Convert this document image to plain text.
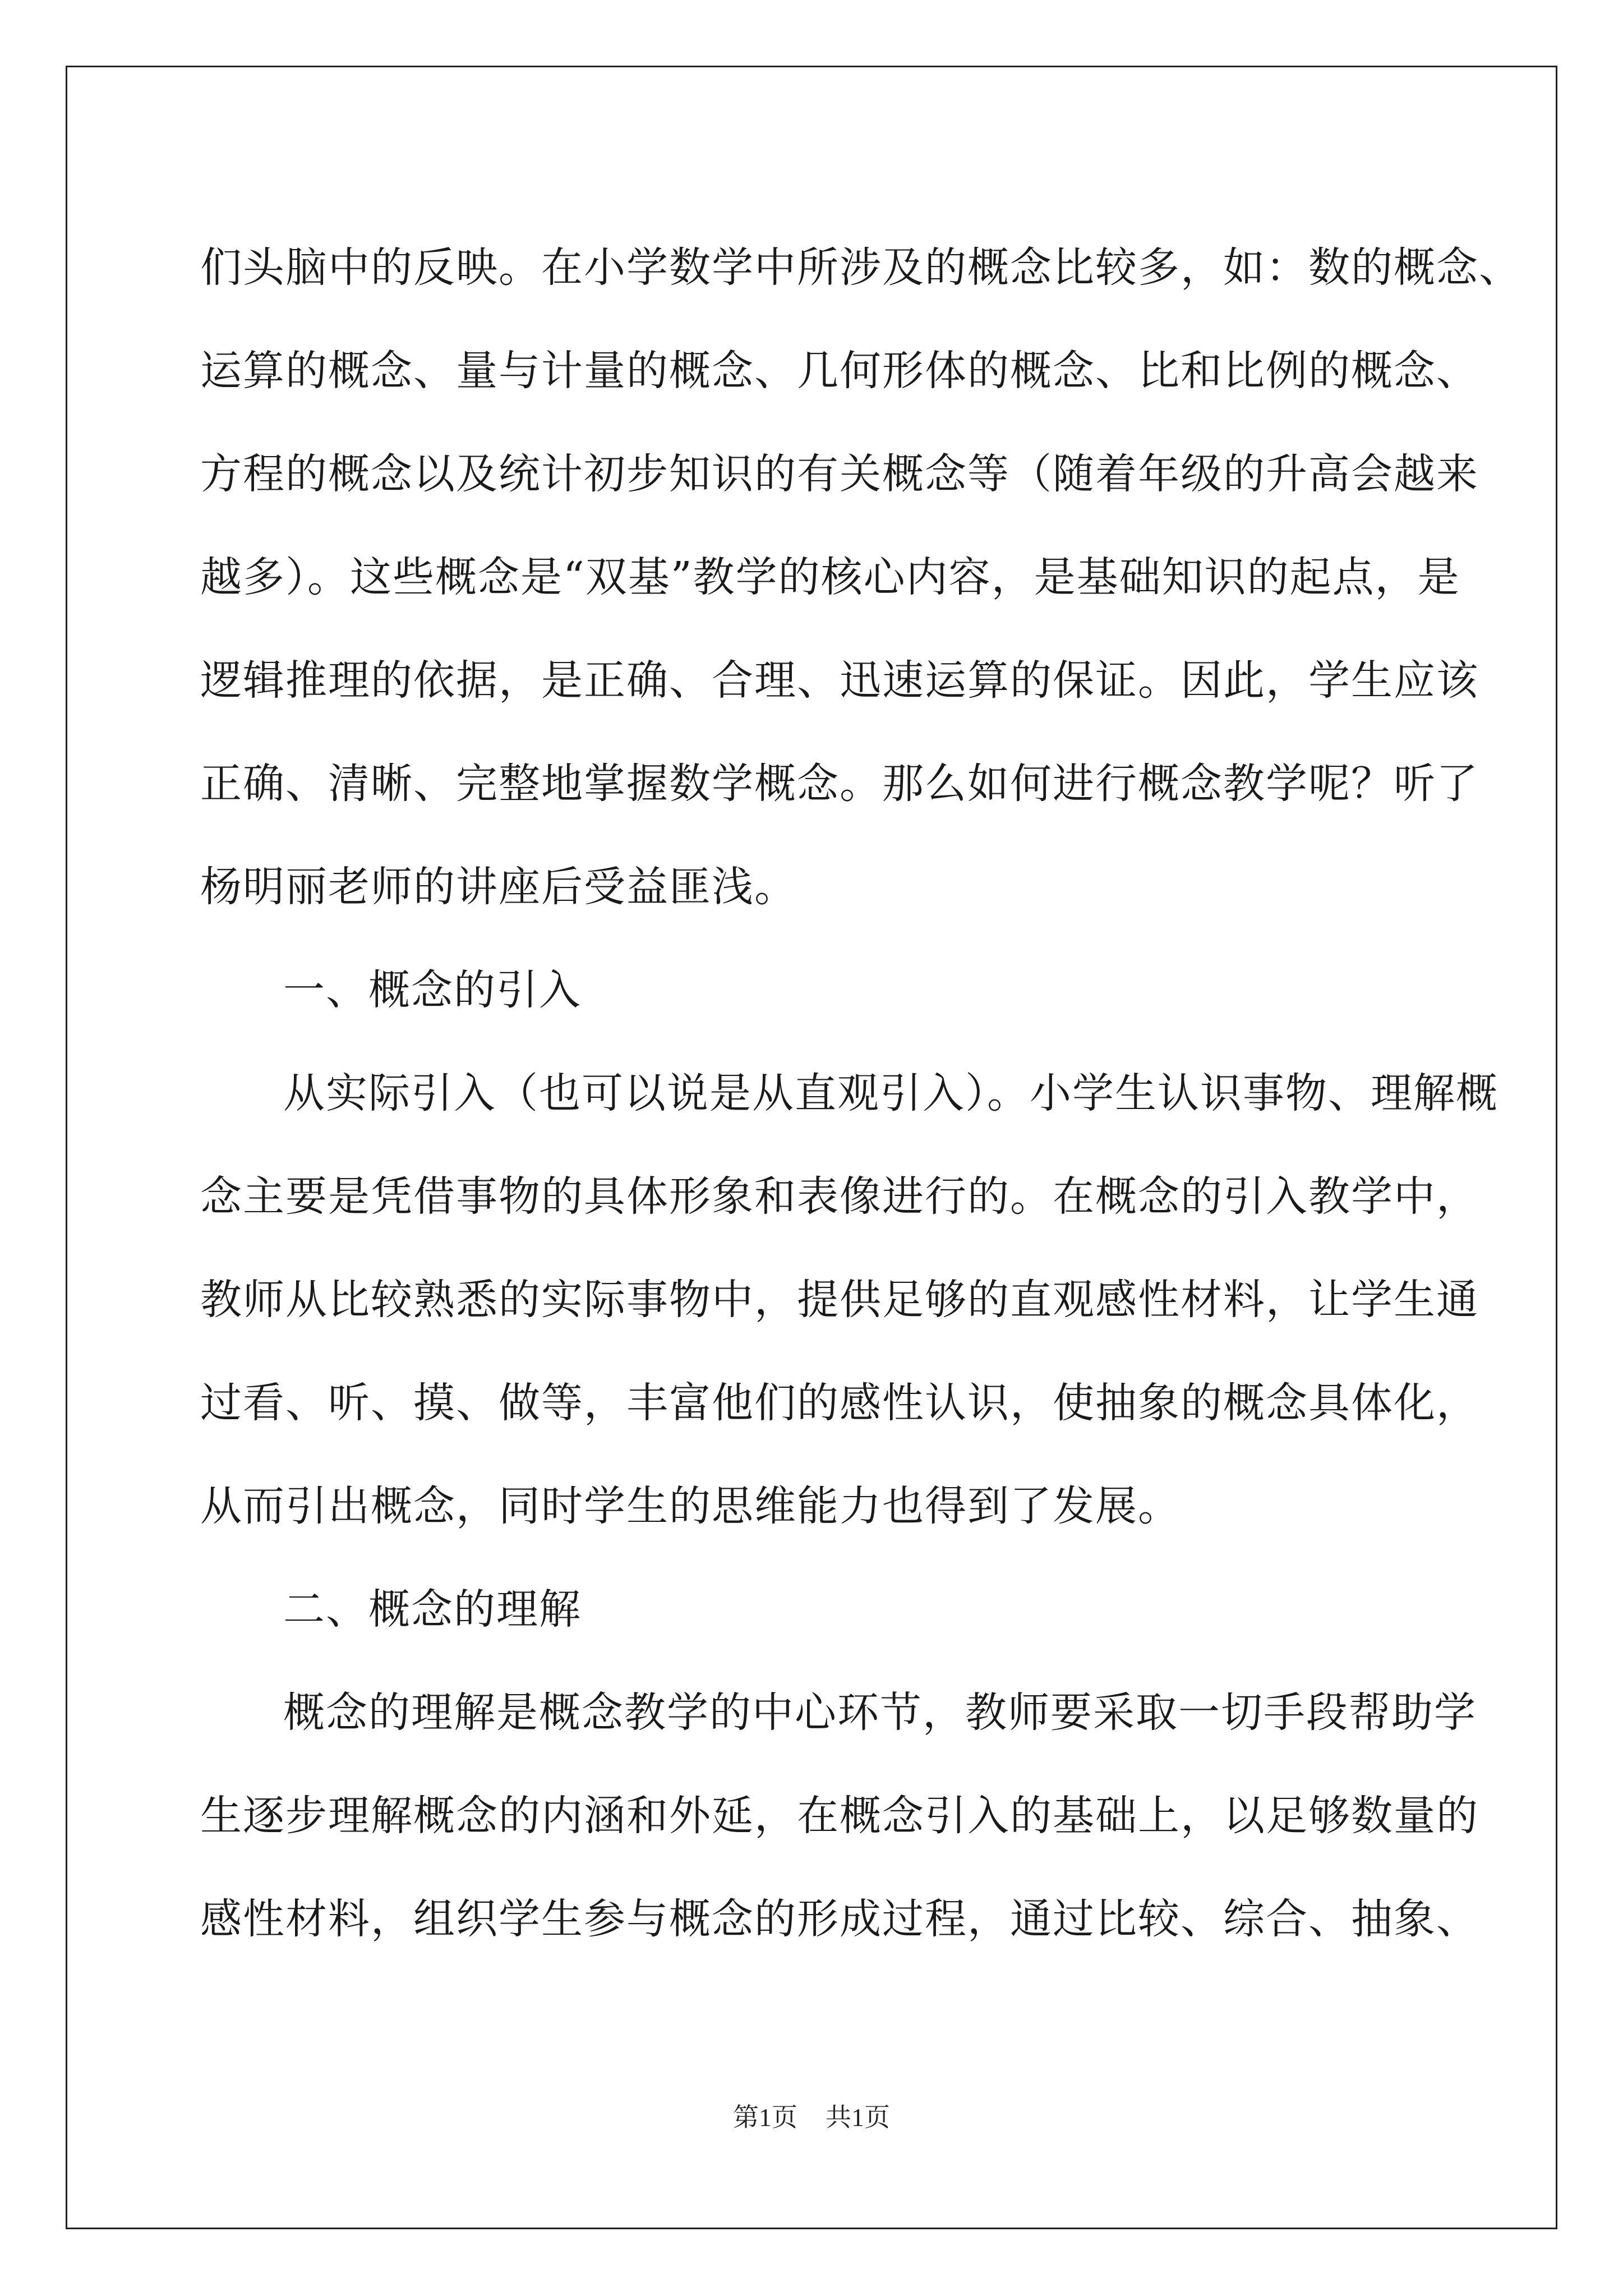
们头脑中的反映。在小学数学中所涉及的概念比较多，如：数的概念、
运算的概念、量与计量的概念、几何形体的概念、比和比例的概念、
方程的概念以及统计初步知识的有关概念等（随着年级的升高会越来
越多）。这些概念是“双基”教学的核心内容，是基础知识的起点，是
逻辑推理的依据，是正确、合理、迅速运算的保证。因此，学生应该
正确、清晰、完整地掌握数学概念。那么如何进行概念教学呢？听了
杨明丽老师的讲座后受益匪浅。
一、概念的引入
从实际引入（也可以说是从直观引入）。小学生认识事物、理解概
念主要是凭借事物的具体形象和表像进行的。在概念的引入教学中，
教师从比较熟悉的实际事物中，提供足够的直观感性材料，让学生通
过看、听、摸、做等，丰富他们的感性认识，使抽象的概念具体化，
从而引出概念，同时学生的思维能力也得到了发展。
二、概念的理解
概念的理解是概念教学的中心环节，教师要采取一切手段帮助学
生逐步理解概念的内涵和外延，在概念引入的基础上，以足够数量的
感性材料，组织学生参与概念的形成过程，通过比较、综合、抽象、
第1页 共1页
